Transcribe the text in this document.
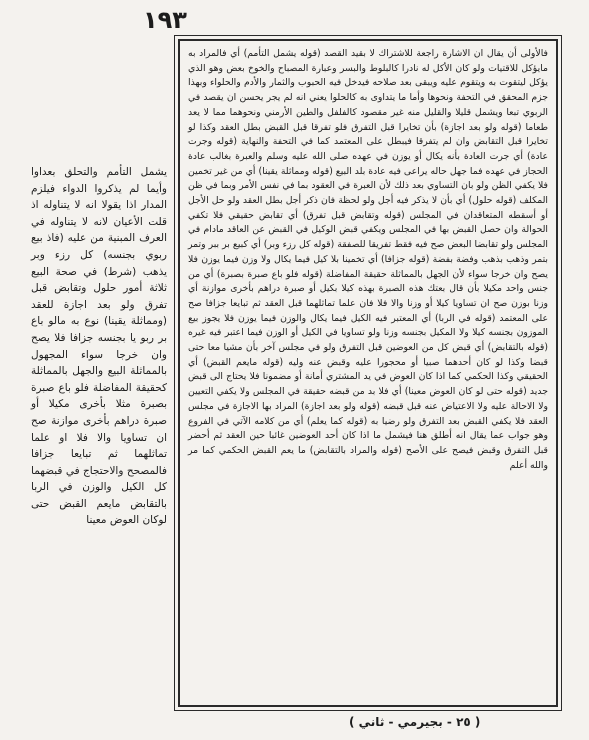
١٩٣

يشمل التأمم والتحلق بعداوا وأيما لم يذكروا الدواء فيلزم المدار اذا يقولا انه لا يتناوله اذ قلت الأعيان لانه لا يتناوله في العرف المبنية من عليه (فاذ بيع ربوي بجنسه) كل رزء وبر يذهب (شرط) في صحة البيع ثلاثة أمور حلول وتقابض قبل تفرق ولو بعد اجازة للعقد (ومماثلة يقينا) نوع به مالو باع بر ربو يا بجنسه جزافا فلا يصح وان خرجا سواء المجهول بالمماثلة البيع والجهل بالمماثلة كحقيقة المفاضلة فلو باع صبرة بصبرة مثلا بأخرى مكيلا أو صبرة دراهم بأخرى موازنة صح ان تساويا والا فلا او علما تماثلهما ثم تبايعا جزافا فالمصحح والاحتجاج في قبضهما كل الكيل والوزن في الربا بالتقابض مايعم القبض حتى لوكان العوض معينا

فالأولى أن يقال ان الاشارة راجعة للاشتراك لا بقيد القصد (قوله يشمل التأمم) أي فالمراد به مايؤكل للاقتيات ولو كان الأكل له نادرا كالبلوط والبسر وعبارة المصباح والخوخ بعض وهو الذي يؤكل ليتقوت به ويتقوم عليه ويبقى بعد صلاحه فيدخل فيه الحبوب والثمار والأدم والحلواء وبهذا جزم المحقق في التحفة ونحوها وأما ما يتداوى به كالحلوا يعني انه لم يجر يحسن ان يقصد في الربوي تبعا ويشمل قليلا والقليل منه غير مقصود كالفلفل والطين الأرمني ونحوهما مما لا يعد طعاما (قوله ولو بعد اجازة) بأن تخايرا قبل التفرق فلو تفرقا قبل القبض بطل العقد وكذا لو تخايرا قبل التقابض وان لم يتفرقا فيبطل على المعتمد كما في التحفة والنهاية (قوله وجرت عادة) أي جرت العادة بأنه يكال أو يوزن في عهده صلى الله عليه وسلم والعبرة بغالب عادة الحجاز في عهده فما جهل حاله يراعى فيه عادة بلد البيع (قوله ومماثلة يقينا) أي من غير تخمين فلا يكفي الظن ولو بان التساوي بعد ذلك لأن العبرة في العقود بما في نفس الأمر وبما في ظن المكلف (قوله حلول) أي بأن لا يذكر فيه أجل ولو لحظة فان ذكر أجل بطل العقد ولو حل الأجل أو أسقطه المتعاقدان في المجلس (قوله وتقابض قبل تفرق) أي تقابض حقيقي فلا تكفي الحوالة وان حصل القبض بها في المجلس ويكفي قبض الوكيل في القبض عن العاقد مادام في المجلس ولو تقابضا البعض صح فيه فقط تفريقا للصفقة (قوله كل رزء وبر) أي كبيع بر ببر وتمر بتمر وذهب بذهب وفضة بفضة (قوله جزافا) أي تخمينا بلا كيل فيما يكال ولا وزن فيما يوزن فلا يصح وان خرجا سواء لأن الجهل بالمماثلة حقيقة المفاضلة (قوله فلو باع صبرة بصبرة) أي من جنس واحد مكيلا بأن قال بعتك هذه الصبرة بهذه كيلا بكيل أو صبرة دراهم بأخرى موازنة أي وزنا بوزن صح ان تساويا كيلا أو وزنا والا فلا فان علما تماثلهما قبل العقد ثم تبايعا جزافا صح على المعتمد (قوله في الربا) أي المعتبر فيه الكيل فيما يكال والوزن فيما يوزن فلا يجوز بيع الموزون بجنسه كيلا ولا المكيل بجنسه وزنا ولو تساويا في الكيل أو الوزن فيما اعتبر فيه غيره (قوله بالتقابض) أي قبض كل من العوضين قبل التفرق ولو في مجلس آخر بأن مشيا معا حتى قبضا وكذا لو كان أحدهما صبيا أو محجورا عليه وقبض عنه وليه (قوله مايعم القبض) أي الحقيقي وكذا الحكمي كما اذا كان العوض في يد المشتري أمانة أو مضمونا فلا يحتاج الى قبض جديد (قوله حتى لو كان العوض معينا) أي فلا بد من قبضه حقيقة في المجلس ولا يكفي التعيين ولا الاحالة عليه ولا الاعتياض عنه قبل قبضه (قوله ولو بعد اجازة) المراد بها الاجازة في مجلس العقد فلا يكفي القبض بعد التفرق ولو رضيا به (قوله كما يعلم) أي من كلامه الآتي في الفروع وهو جواب عما يقال انه أطلق هنا فيشمل ما اذا كان أحد العوضين غائبا حين العقد ثم أحضر قبل التفرق وقبض فيصح على الأصح (قوله والمراد بالتقابض) ما يعم القبض الحكمي كما مر والله أعلم

( ٢٥ - بجيرمي - ثاني )
